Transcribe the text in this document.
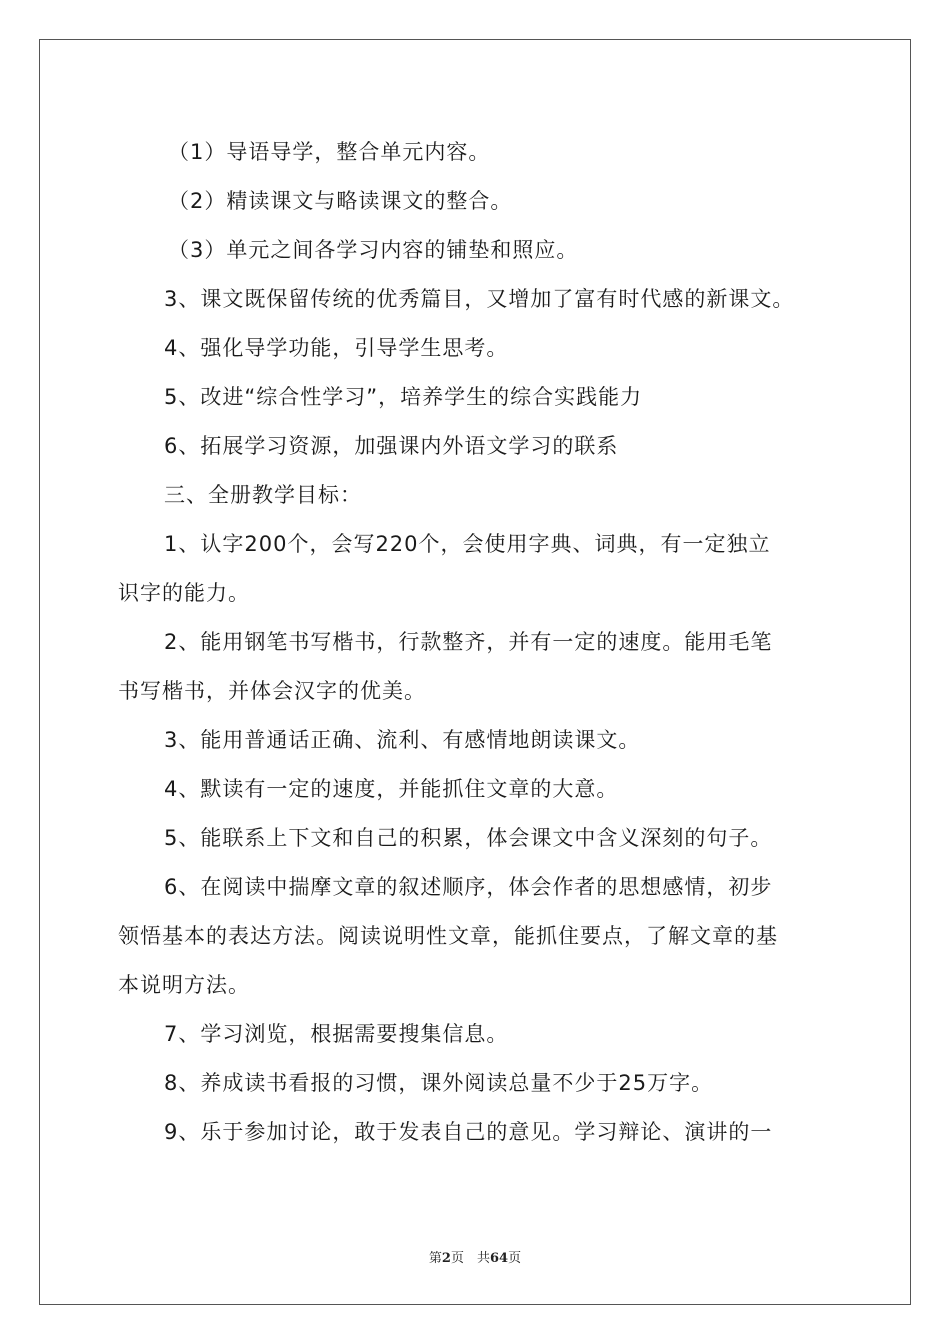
（1）导语导学，整合单元内容。

（2）精读课文与略读课文的整合。

（3）单元之间各学习内容的铺垫和照应。

3、课文既保留传统的优秀篇目，又增加了富有时代感的新课文。

4、强化导学功能，引导学生思考。

5、改进“综合性学习”，培养学生的综合实践能力

6、拓展学习资源，加强课内外语文学习的联系

三、全册教学目标：

1、认字200个，会写220个，会使用字典、词典，有一定独立

识字的能力。

2、能用钢笔书写楷书，行款整齐，并有一定的速度。能用毛笔

书写楷书，并体会汉字的优美。

3、能用普通话正确、流利、有感情地朗读课文。

4、默读有一定的速度，并能抓住文章的大意。

5、能联系上下文和自己的积累，体会课文中含义深刻的句子。

6、在阅读中揣摩文章的叙述顺序，体会作者的思想感情，初步

领悟基本的表达方法。阅读说明性文章，能抓住要点，了解文章的基

本说明方法。

7、学习浏览，根据需要搜集信息。

8、养成读书看报的习惯，课外阅读总量不少于25万字。

9、乐于参加讨论，敢于发表自己的意见。学习辩论、演讲的一

第2页　共64页
